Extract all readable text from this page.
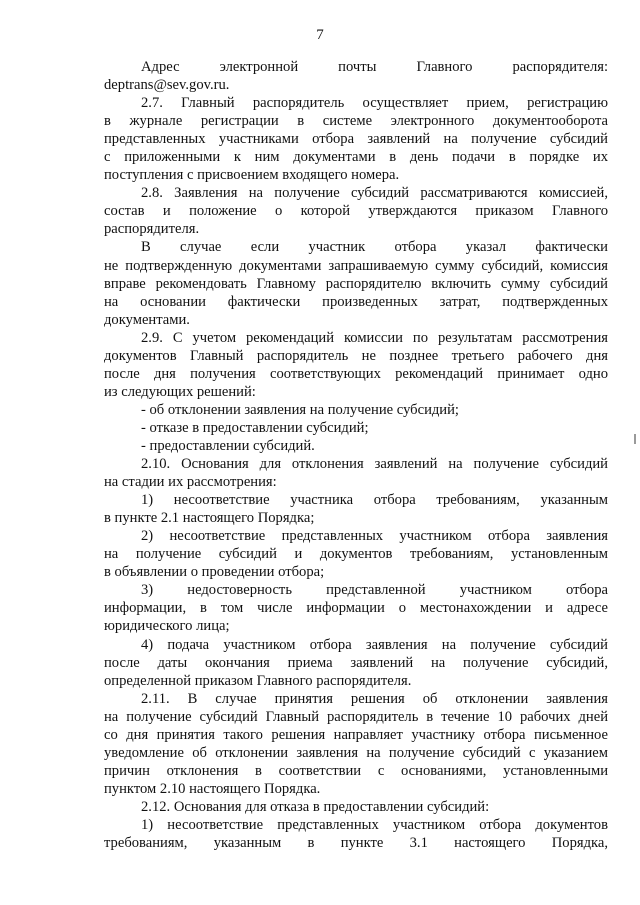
7
Адрес электронной почты Главного распорядителя:
deptrans@sev.gov.ru.
2.7. Главный распорядитель осуществляет прием, регистрацию
в журнале регистрации в системе электронного документооборота
представленных участниками отбора заявлений на получение субсидий
с приложенными к ним документами в день подачи в порядке их
поступления с присвоением входящего номера.
2.8. Заявления на получение субсидий рассматриваются комиссией,
состав и положение о которой утверждаются приказом Главного
распорядителя.
В случае если участник отбора указал фактически
не подтвержденную документами запрашиваемую сумму субсидий, комиссия
вправе рекомендовать Главному распорядителю включить сумму субсидий
на основании фактически произведенных затрат, подтвержденных
документами.
2.9. С учетом рекомендаций комиссии по результатам рассмотрения
документов Главный распорядитель не позднее третьего рабочего дня
после дня получения соответствующих рекомендаций принимает одно
из следующих решений:
- об отклонении заявления на получение субсидий;
- отказе в предоставлении субсидий;
- предоставлении субсидий.
2.10. Основания для отклонения заявлений на получение субсидий
на стадии их рассмотрения:
1) несоответствие участника отбора требованиям, указанным
в пункте 2.1 настоящего Порядка;
2) несоответствие представленных участником отбора заявления
на получение субсидий и документов требованиям, установленным
в объявлении о проведении отбора;
3) недостоверность представленной участником отбора
информации, в том числе информации о местонахождении и адресе
юридического лица;
4) подача участником отбора заявления на получение субсидий
после даты окончания приема заявлений на получение субсидий,
определенной приказом Главного распорядителя.
2.11. В случае принятия решения об отклонении заявления
на получение субсидий Главный распорядитель в течение 10 рабочих дней
со дня принятия такого решения направляет участнику отбора письменное
уведомление об отклонении заявления на получение субсидий с указанием
причин отклонения в соответствии с основаниями, установленными
пунктом 2.10 настоящего Порядка.
2.12. Основания для отказа в предоставлении субсидий:
1) несоответствие представленных участником отбора документов
требованиям, указанным в пункте 3.1 настоящего Порядка,
